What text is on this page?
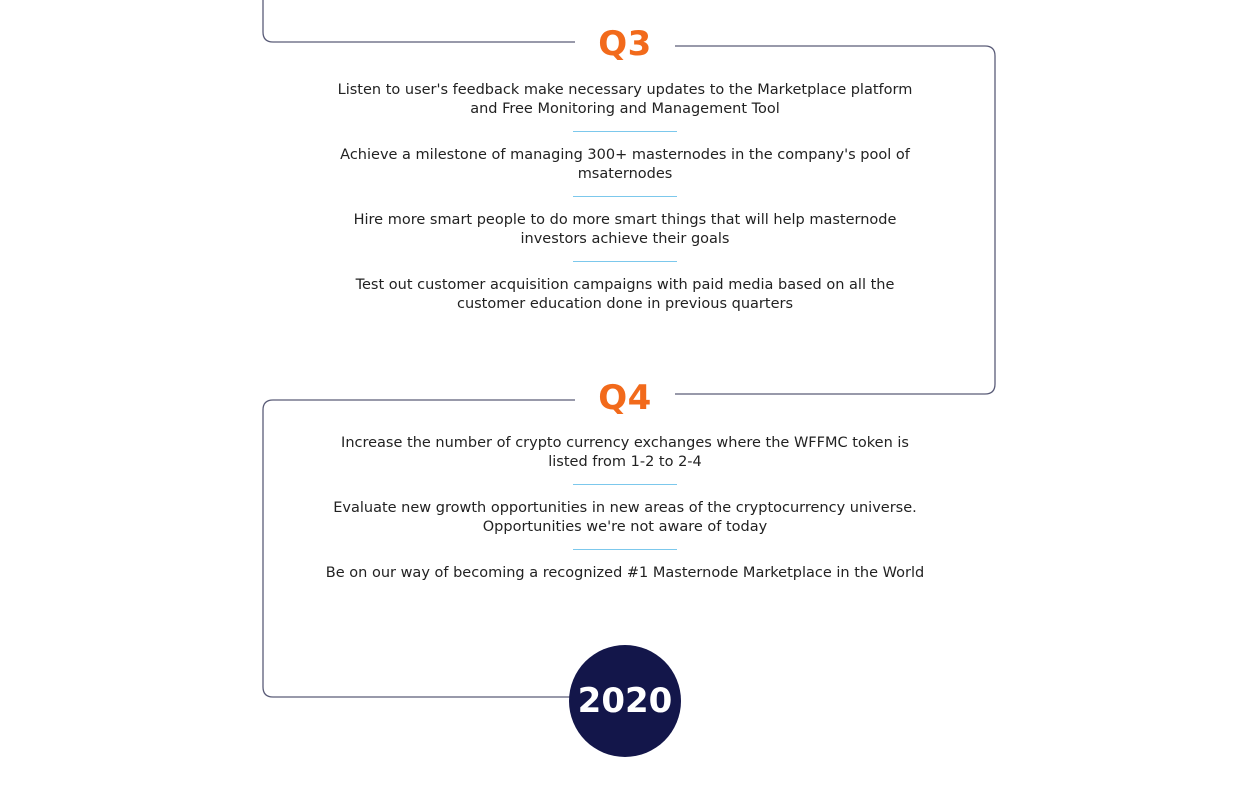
Q3

Listen to user's feedback make necessary updates to the Marketplace platform and Free Monitoring and Management Tool

Achieve a milestone of managing 300+ masternodes in the company's pool of msaternodes

Hire more smart people to do more smart things that will help masternode investors achieve their goals

Test out customer acquisition campaigns with paid media based on all the customer education done in previous quarters

Q4

Increase the number of crypto currency exchanges where the WFFMC token is listed from 1-2 to 2-4

Evaluate new growth opportunities in new areas of the cryptocurrency universe. Opportunities we're not aware of today

Be on our way of becoming a recognized #1 Masternode Marketplace in the World

2020
